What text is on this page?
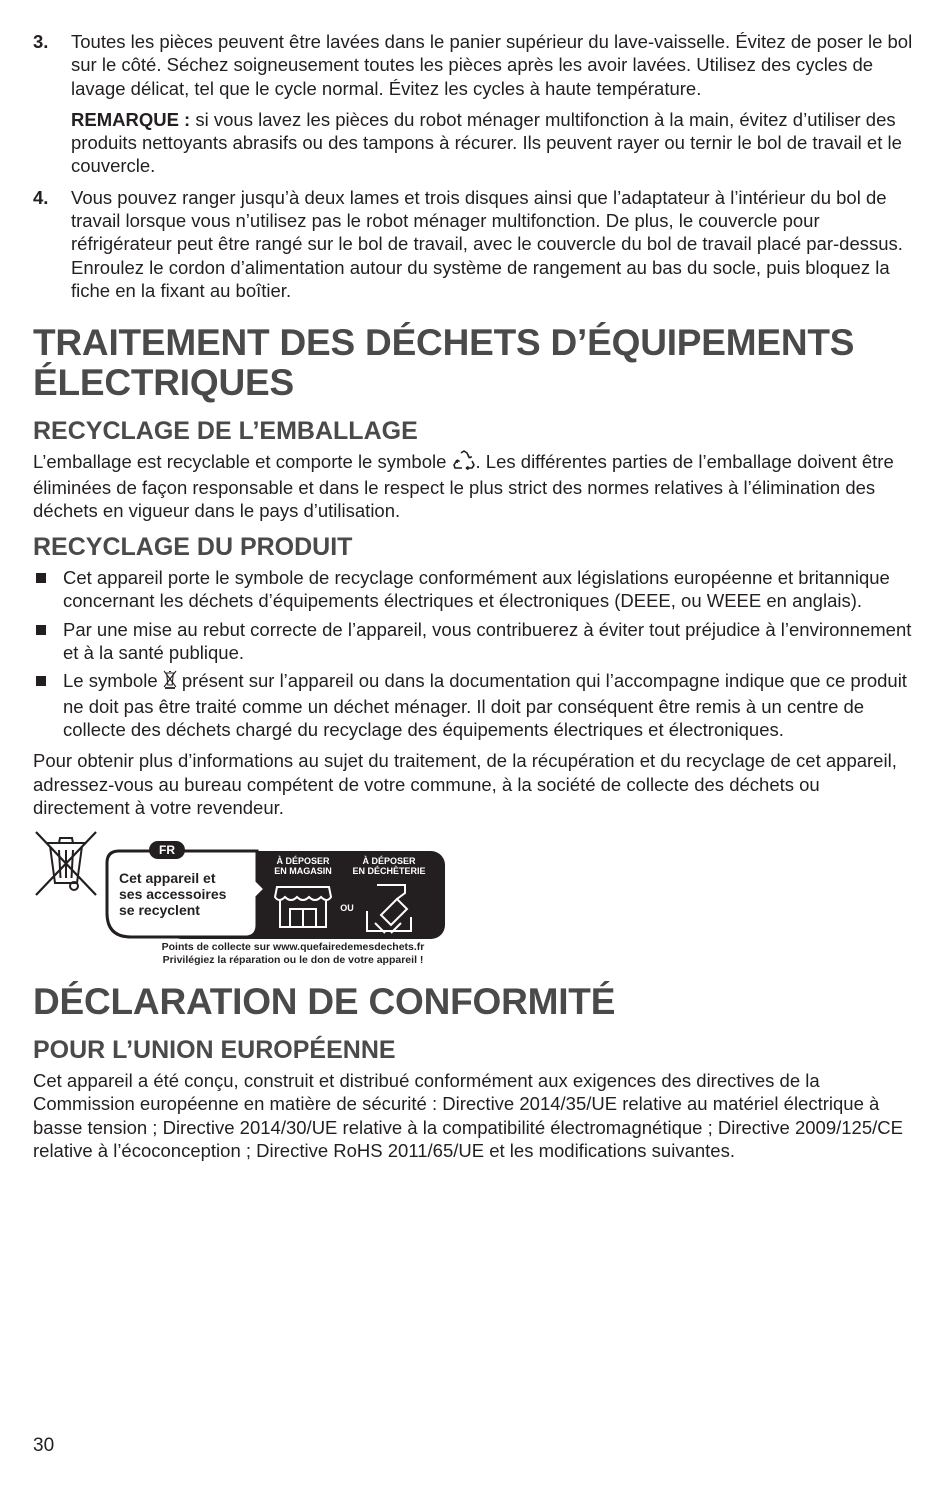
3.	Toutes les pièces peuvent être lavées dans le panier supérieur du lave-vaisselle. Évitez de poser le bol sur le côté. Séchez soigneusement toutes les pièces après les avoir lavées. Utilisez des cycles de lavage délicat, tel que le cycle normal. Évitez les cycles à haute température.

REMARQUE : si vous lavez les pièces du robot ménager multifonction à la main, évitez d’utiliser des produits nettoyants abrasifs ou des tampons à récurer. Ils peuvent rayer ou ternir le bol de travail et le couvercle.

4.	Vous pouvez ranger jusqu’à deux lames et trois disques ainsi que l’adaptateur à l’intérieur du bol de travail lorsque vous n’utilisez pas le robot ménager multifonction. De plus, le couvercle pour réfrigérateur peut être rangé sur le bol de travail, avec le couvercle du bol de travail placé par-dessus. Enroulez le cordon d’alimentation autour du système de rangement au bas du socle, puis bloquez la fiche en la fixant au boîtier.

TRAITEMENT DES DÉCHETS D’ÉQUIPEMENTS ÉLECTRIQUES
RECYCLAGE DE L’EMBALLAGE

L’emballage est recyclable et comporte le symbole . Les différentes parties de l’emballage doivent être éliminées de façon responsable et dans le respect le plus strict des normes relatives à l’élimination des déchets en vigueur dans le pays d’utilisation.

RECYCLAGE DU PRODUIT
Cet appareil porte le symbole de recyclage conformément aux législations européenne et britannique concernant les déchets d’équipements électriques et électroniques (DEEE, ou WEEE en anglais).
Par une mise au rebut correcte de l’appareil, vous contribuerez à éviter tout préjudice à l’environnement et à la santé publique.
Le symbole  présent sur l’appareil ou dans la documentation qui l’accompagne indique que ce produit ne doit pas être traité comme un déchet ménager. Il doit par conséquent être remis à un centre de collecte des déchets chargé du recyclage des équipements électriques et électroniques.

Pour obtenir plus d’informations au sujet du traitement, de la récupération et du recyclage de cet appareil, adressez-vous au bureau compétent de votre commune, à la société de collecte des déchets ou directement à votre revendeur.

FR
Cet appareil et
ses accessoires
se recyclent
À DÉPOSER
EN MAGASIN
À DÉPOSER
EN DÉCHÈTERIE
OU
Points de collecte sur www.quefairedemesdechets.fr
Privilégiez la réparation ou le don de votre appareil !
DÉCLARATION DE CONFORMITÉ
POUR L’UNION EUROPÉENNE

Cet appareil a été conçu, construit et distribué conformément aux exigences des directives de la Commission européenne en matière de sécurité : Directive 2014/35/UE relative au matériel électrique à basse tension ; Directive 2014/30/UE relative à la compatibilité électromagnétique ; Directive 2009/125/CE relative à l’écoconception ; Directive RoHS 2011/65/UE et les modifications suivantes.

30
